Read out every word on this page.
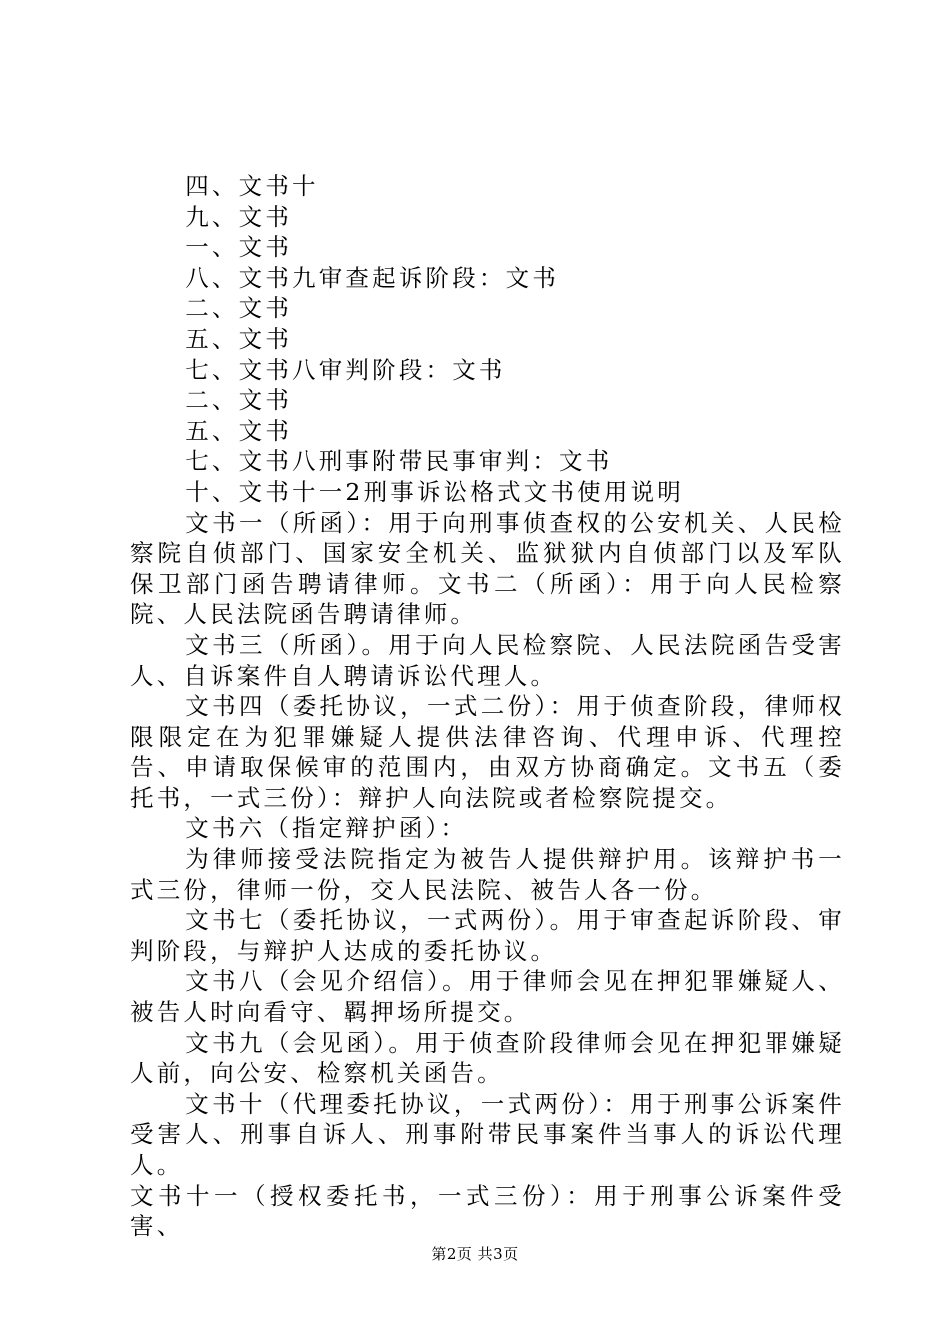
四、文书十

九、文书

一、文书

八、文书九审查起诉阶段：文书

二、文书

五、文书

七、文书八审判阶段：文书

二、文书

五、文书

七、文书八刑事附带民事审判：文书

十、文书十一2刑事诉讼格式文书使用说明

文书一（所函）：用于向刑事侦查权的公安机关、人民检察院自侦部门、国家安全机关、监狱狱内自侦部门以及军队保卫部门函告聘请律师。文书二（所函）：用于向人民检察院、人民法院函告聘请律师。

文书三（所函）。用于向人民检察院、人民法院函告受害人、自诉案件自人聘请诉讼代理人。

文书四（委托协议，一式二份）：用于侦查阶段，律师权限限定在为犯罪嫌疑人提供法律咨询、代理申诉、代理控告、申请取保候审的范围内，由双方协商确定。文书五（委托书，一式三份）：辩护人向法院或者检察院提交。

文书六（指定辩护函）：

为律师接受法院指定为被告人提供辩护用。该辩护书一式三份，律师一份，交人民法院、被告人各一份。

文书七（委托协议，一式两份）。用于审查起诉阶段、审判阶段，与辩护人达成的委托协议。

文书八（会见介绍信）。用于律师会见在押犯罪嫌疑人、被告人时向看守、羁押场所提交。

文书九（会见函）。用于侦查阶段律师会见在押犯罪嫌疑人前，向公安、检察机关函告。

文书十（代理委托协议，一式两份）：用于刑事公诉案件受害人、刑事自诉人、刑事附带民事案件当事人的诉讼代理人。

文书十一（授权委托书，一式三份）：用于刑事公诉案件受害、

第2页 共3页
